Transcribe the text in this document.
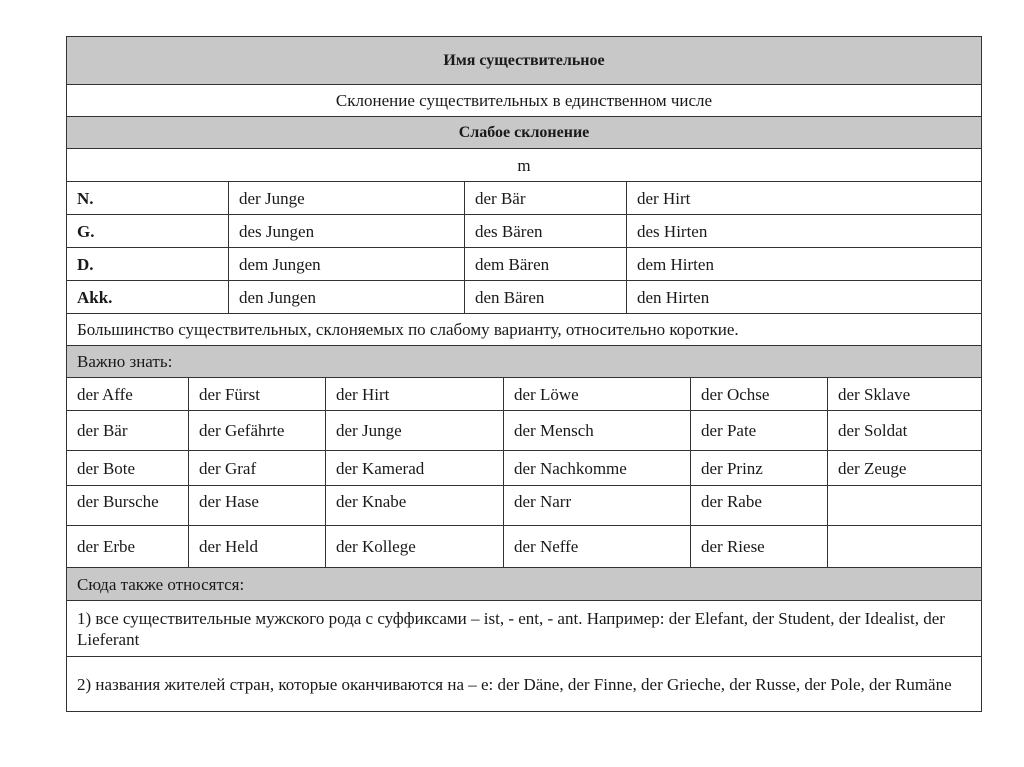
Имя существительное
Склонение существительных в единственном числе
Слабое склонение
m
N.	der Junge	der Bär	der Hirt
G.	des Jungen	des Bären	des Hirten
D.	dem Jungen	dem Bären	dem Hirten
Akk.	den Jungen	den Bären	den Hirten
Большинство существительных, склоняемых по слабому варианту, относительно короткие.
Важно знать:
der Affe	der Fürst	der Hirt	der Löwe	der Ochse	der Sklave
der Bär	der Gefährte	der Junge	der Mensch	der Pate	der Soldat
der Bote	der Graf	der Kamerad	der Nachkomme	der Prinz	der Zeuge
der Bursche	der Hase	der Knabe	der Narr	der Rabe
der Erbe	der Held	der Kollege	der Neffe	der Riese
Сюда также относятся:
1) все существительные мужского рода с суффиксами – ist, - ent, - ant. Например: der Elefant, der Student, der Idealist, der Lieferant
2) названия жителей стран, которые оканчиваются на – e: der Däne, der Finne, der Grieche, der Russe, der Pole, der Rumäne
